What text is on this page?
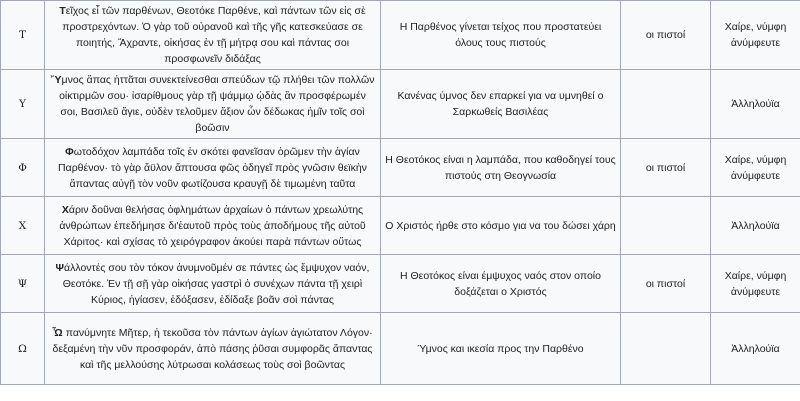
Τ	Τεῖχος εἶ τῶν παρθένων, Θεοτόκε Παρθένε, καὶ πάντων τῶν εἰς σὲ προστρεχόντων. Ὁ γὰρ τοῦ οὐρανοῦ καὶ τῆς γῆς κατεσκεύασε σε ποιητής, Ἄχραντε, οἰκήσας ἐν τῇ μήτρᾳ σου καὶ πάντας σοι προσφωνεῖν διδάξας	Η Παρθένος γίνεται τείχος που προστατεύει όλους τους πιστούς	οι πιστοί	Χαίρε, νύμφη ἀνύμφευτε
Υ	Ὕμνος ἅπας ἡττᾶται συνεκτείνεσθαι σπεύδων τῷ πλήθει τῶν πολλῶν οἰκτιρμῶν σου· ἰσαρίθμους γὰρ τῇ ψάμμῳ ᾠδὰς ἂν προσφέρωμέν σοι, Βασιλεῦ ἅγιε, οὐδὲν τελοῦμεν ἄξιον ὧν δέδωκας ἡμῖν τοῖς σοὶ βοῶσιν	Κανένας ύμνος δεν επαρκεί για να υμνηθεί ο Σαρκωθείς Βασιλέας		Ἀλληλούϊα
Φ	Φωτοδόχον λαμπάδα τοῖς ἐν σκότει φανεῖσαν ὁρῶμεν τὴν ἁγίαν Παρθένον· τὸ γὰρ ἄϋλον ἅπτουσα φῶς ὁδηγεῖ πρὸς γνῶσιν θεϊκὴν ἅπαντας αὐγῇ τὸν νοῦν φωτίζουσα κραυγῇ δὲ τιμωμένη ταῦτα	Η Θεοτόκος είναι η λαμπάδα, που καθοδηγεί τους πιστούς στη Θεογνωσία	οι πιστοί	Χαίρε, νύμφη ἀνύμφευτε
Χ	Χάριν δοῦναι θελήσας ὀφλημάτων ἀρχαίων ὁ πάντων χρεωλύτης ἀνθρώπων ἐπεδήμησε δι'ἑαυτοῦ πρὸς τοὺς ἀποδήμους τῆς αὐτοῦ Χάριτος· καὶ σχίσας τὸ χειρόγραφον ἀκούει παρὰ πάντων οὕτως	Ο Χριστός ήρθε στο κόσμο για να του δώσει χάρη		Ἀλληλούϊα
Ψ	Ψάλλοντές σου τὸν τόκον ἀνυμνοῦμέν σε πάντες ὡς ἔμψυχον ναόν, Θεοτόκε. Ἐν τῇ σῇ γὰρ οἰκήσας γαστρὶ ὁ συνέχων πάντα τῇ χειρὶ Κύριος, ἡγίασεν, ἐδόξασεν, ἐδίδαξε βοᾶν σοὶ πάντας	Η Θεοτόκος είναι έμψυχος ναός στον οποίο δοξάζεται ο Χριστός	οι πιστοί	Χαίρε, νύμφη ἀνύμφευτε
Ω	Ὦ πανύμνητε Μῆτερ, ἡ τεκοῦσα τὸν πάντων ἁγίων ἁγιώτατον Λόγον· δεξαμένη τὴν νῦν προσφοράν, ἀπὸ πάσης ῥῦσαι συμφορᾶς ἅπαντας καὶ τῆς μελλούσης λύτρωσαι κολάσεως τοὺς σοὶ βοῶντας	Ύμνος και ικεσία προς την Παρθένο		Ἀλληλούϊα
